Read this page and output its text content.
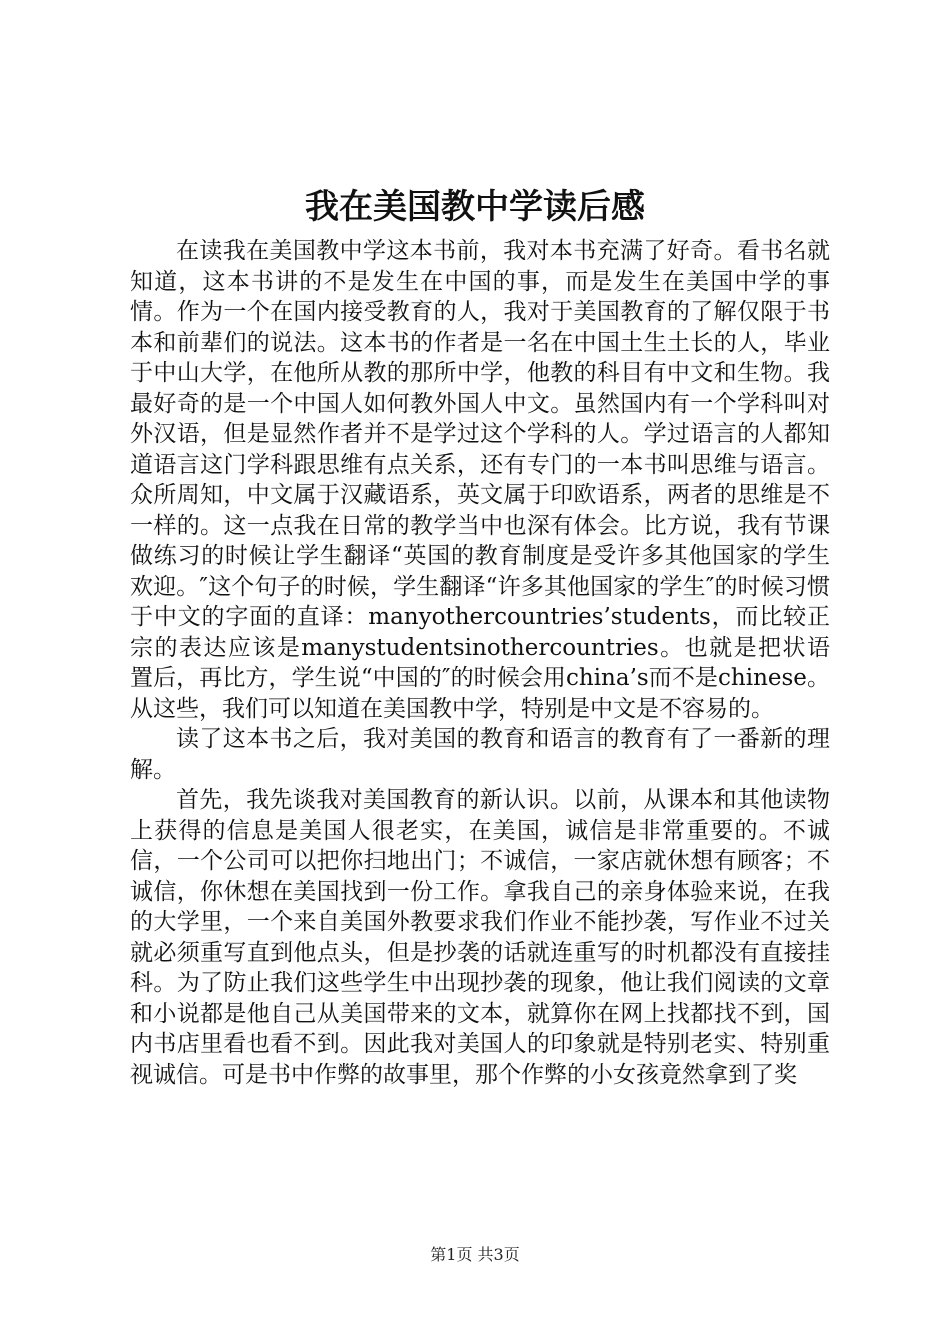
我在美国教中学读后感

在读我在美国教中学这本书前，我对本书充满了好奇。看书名就知道，这本书讲的不是发生在中国的事，而是发生在美国中学的事情。作为一个在国内接受教育的人，我对于美国教育的了解仅限于书本和前辈们的说法。这本书的作者是一名在中国土生土长的人，毕业于中山大学，在他所从教的那所中学，他教的科目有中文和生物。我最好奇的是一个中国人如何教外国人中文。虽然国内有一个学科叫对外汉语，但是显然作者并不是学过这个学科的人。学过语言的人都知道语言这门学科跟思维有点关系，还有专门的一本书叫思维与语言。众所周知，中文属于汉藏语系，英文属于印欧语系，两者的思维是不一样的。这一点我在日常的教学当中也深有体会。比方说，我有节课做练习的时候让学生翻译“英国的教育制度是受许多其他国家的学生欢迎。″这个句子的时候，学生翻译“许多其他国家的学生″的时候习惯于中文的字面的直译：manyothercountries’students，而比较正宗的表达应该是manystudentsinothercountries。也就是把状语置后，再比方，学生说“中国的″的时候会用china’s而不是chinese。从这些，我们可以知道在美国教中学，特别是中文是不容易的。

读了这本书之后，我对美国的教育和语言的教育有了一番新的理解。

首先，我先谈我对美国教育的新认识。以前，从课本和其他读物上获得的信息是美国人很老实，在美国，诚信是非常重要的。不诚信，一个公司可以把你扫地出门；不诚信，一家店就休想有顾客；不诚信，你休想在美国找到一份工作。拿我自己的亲身体验来说，在我的大学里，一个来自美国外教要求我们作业不能抄袭，写作业不过关就必须重写直到他点头，但是抄袭的话就连重写的时机都没有直接挂科。为了防止我们这些学生中出现抄袭的现象，他让我们阅读的文章和小说都是他自己从美国带来的文本，就算你在网上找都找不到，国内书店里看也看不到。因此我对美国人的印象就是特别老实、特别重视诚信。可是书中作弊的故事里，那个作弊的小女孩竟然拿到了奖

第1页 共3页
